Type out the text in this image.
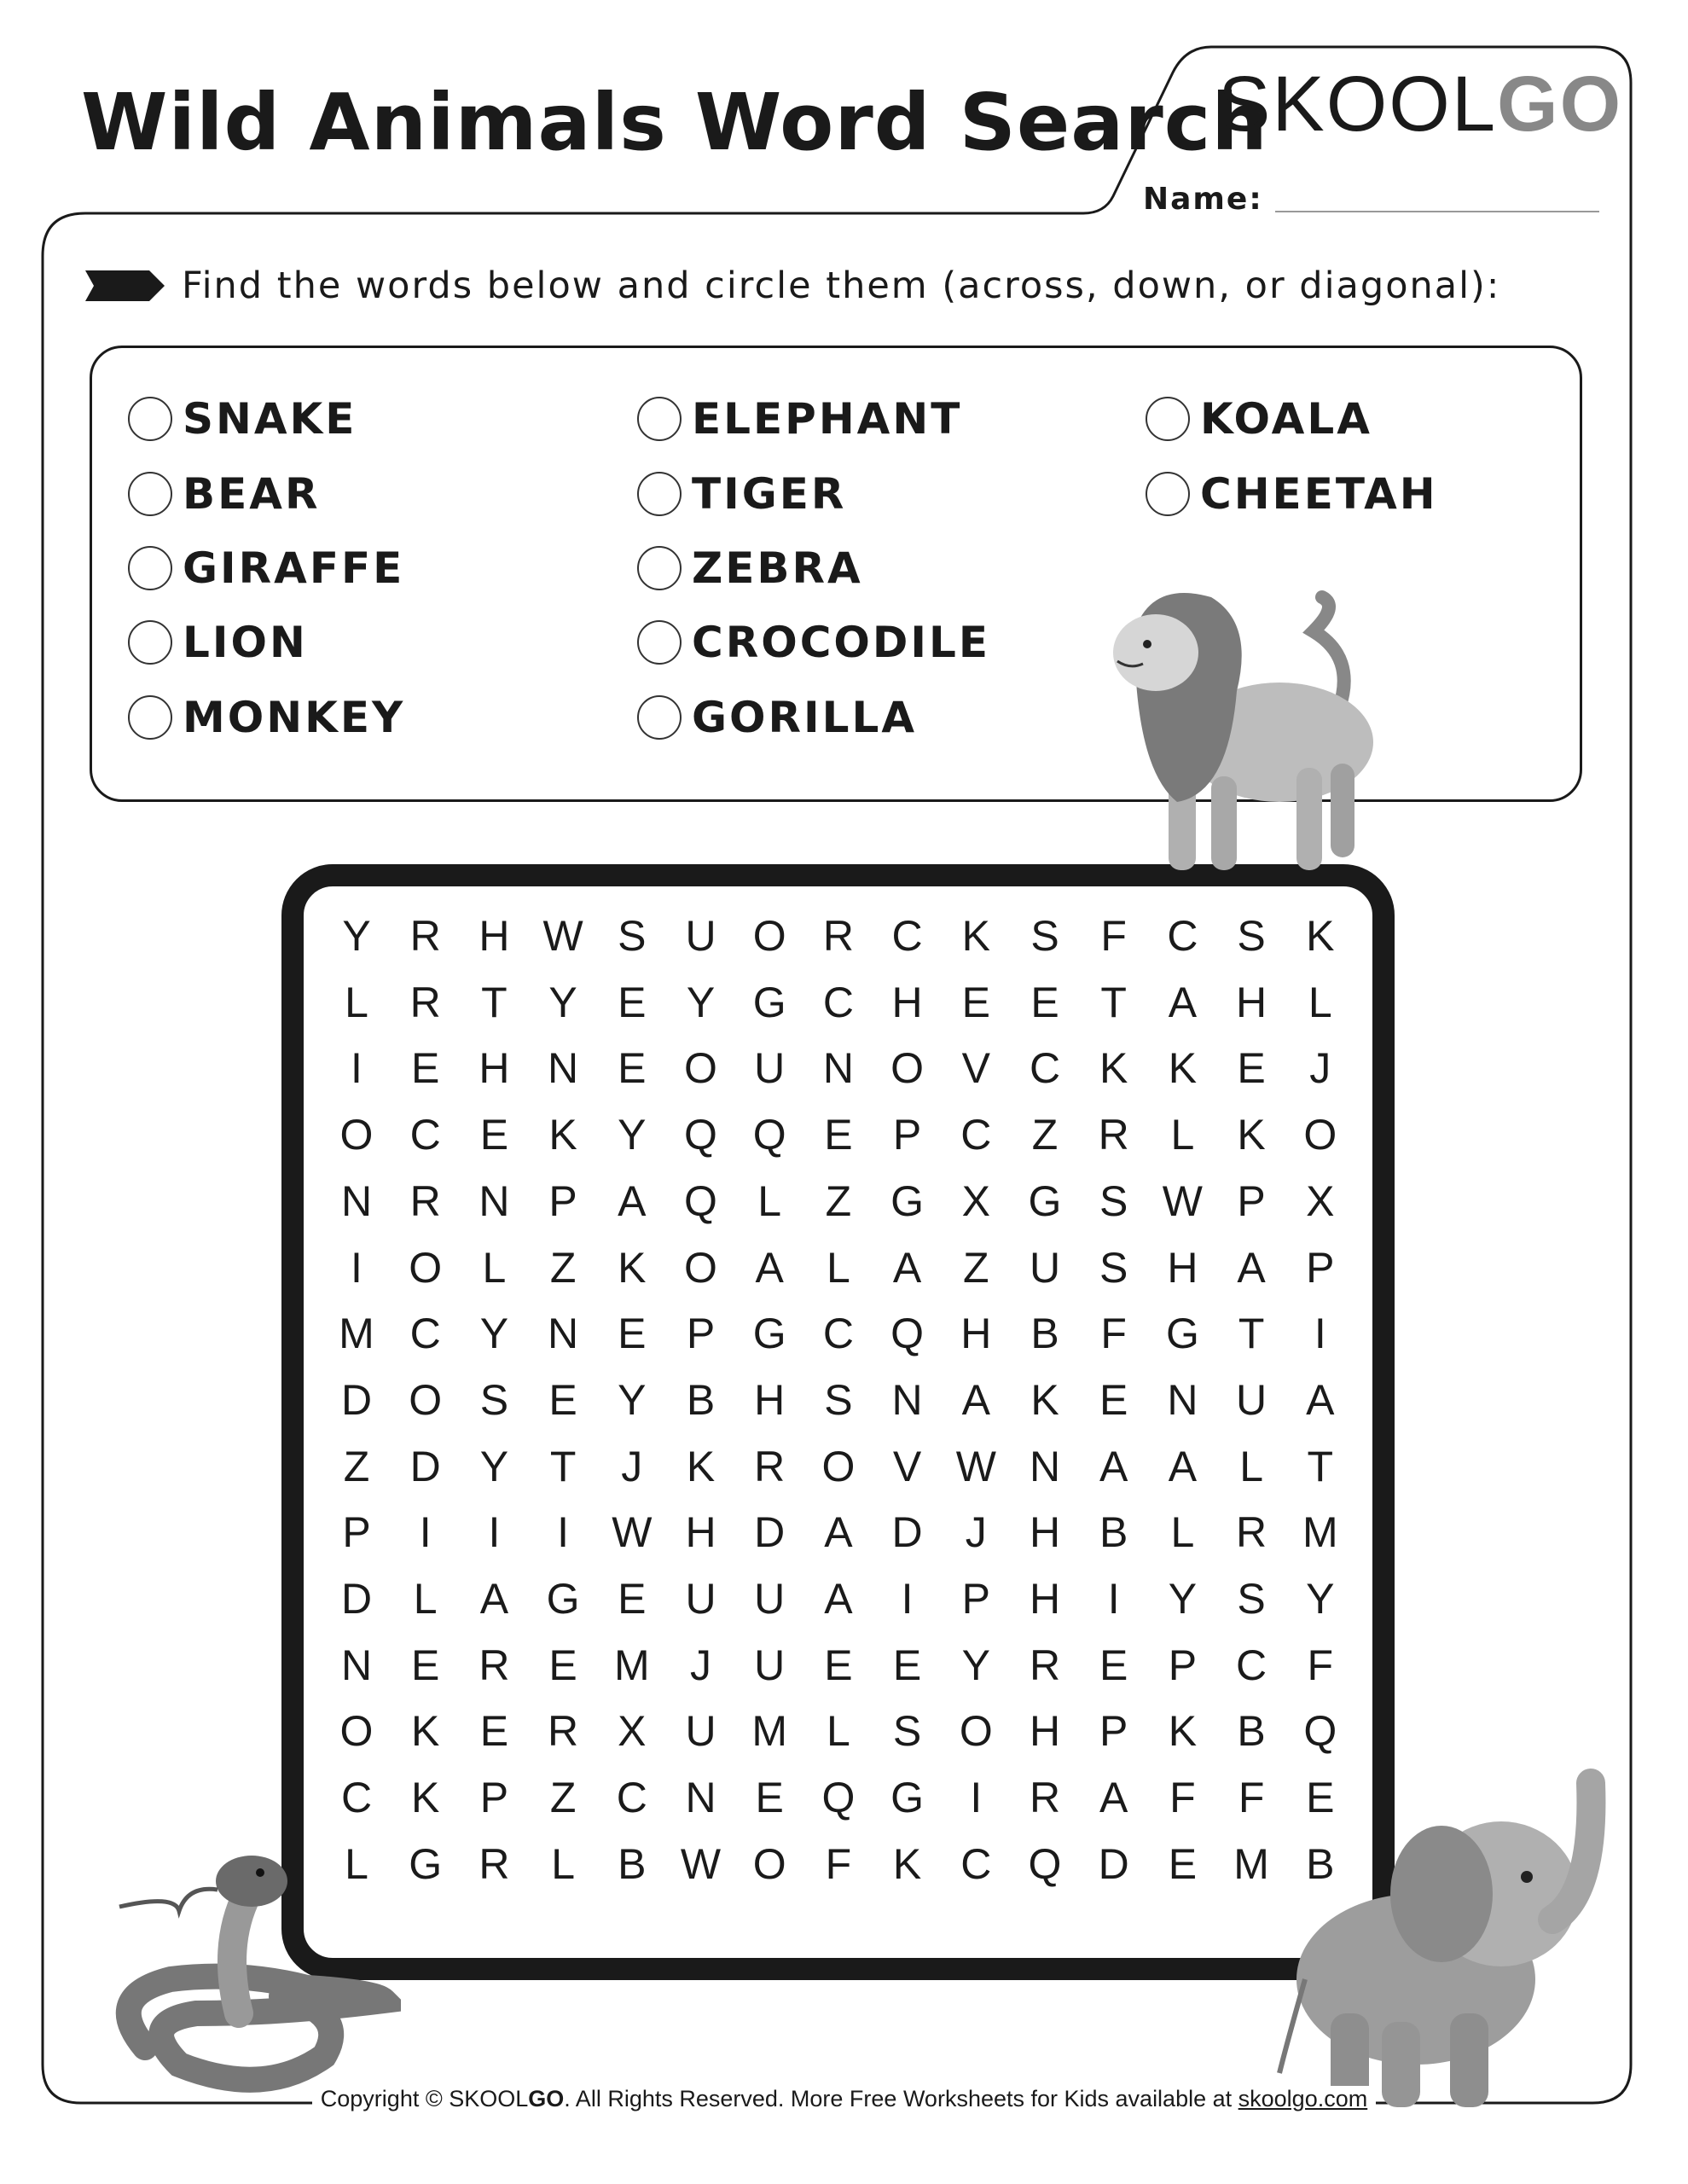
Wild Animals Word Search
SKOOLGO
Name:
Find the words below and circle them (across, down, or diagonal):
SNAKE
BEAR
GIRAFFE
LION
MONKEY
ELEPHANT
TIGER
ZEBRA
CROCODILE
GORILLA
KOALA
CHEETAH
Y R H W S U O R C K S F C S K
L R T Y E Y G C H E E T A H L
I	E H N E O U N O V C K K E	J
O C E K Y Q Q E P C Z R L	K O
N R N P A Q L	Z G X G S W P X
I	O L	Z K O A	L	A Z U S H A P
M C Y N E P G C Q H B F G T	I
D O S E Y B H S N A K E N U A
Z D Y T	J	K R O V W N A A	L	T
P	I	I	I	W H D A D	J	H B	L R M
D L	A G E U U A	I	P H	I	Y S Y
N E R E M J	U E E Y R E P C F
O K E R X U M L	S O H P K B Q
C K P Z C N E Q G	I	R A F	F E
L G R L	B W O F K C Q D E M B
Copyright © SKOOLGO. All Rights Reserved. More Free Worksheets for Kids available at skoolgo.com
